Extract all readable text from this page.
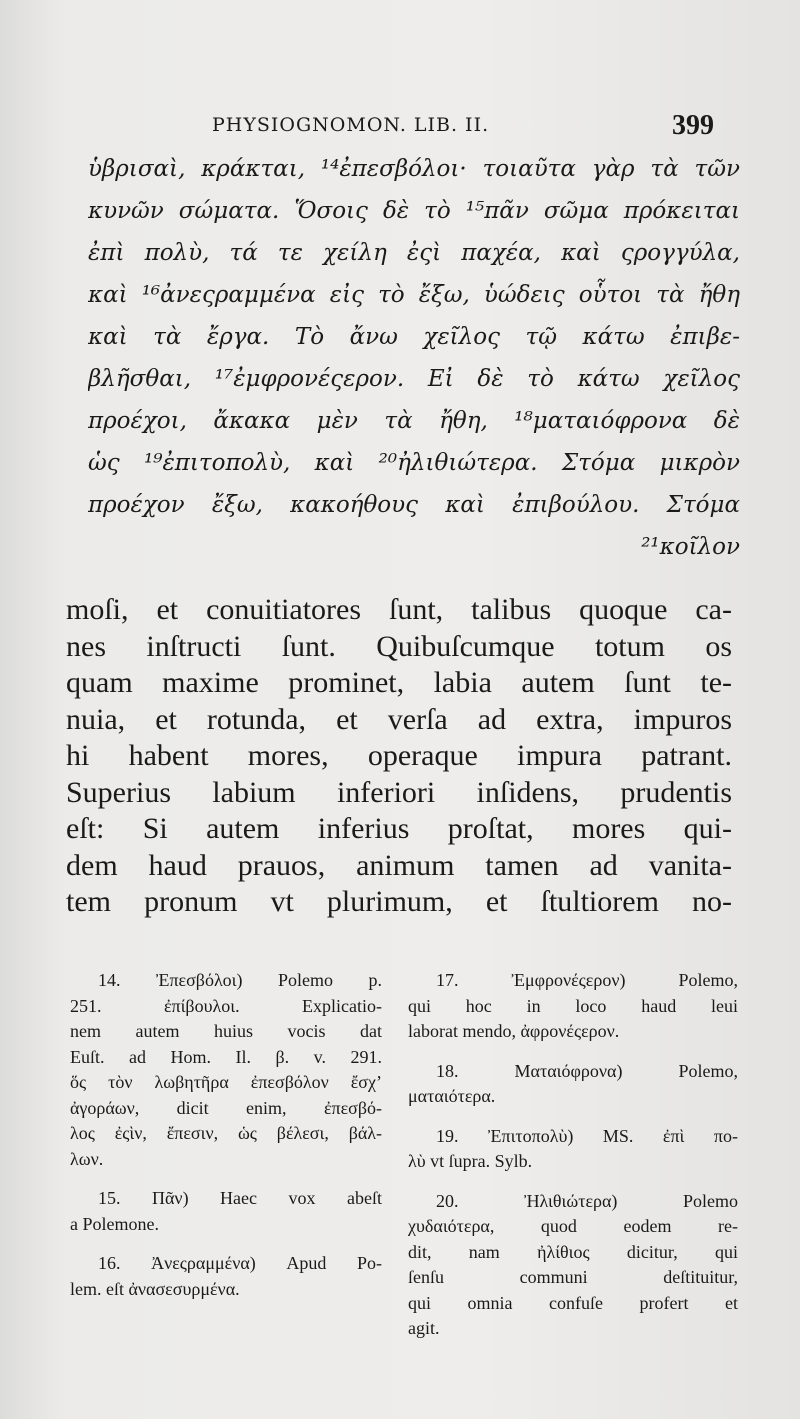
PHYSIOGNOMON. LIB. II.	399
ὑβρισαὶ, κράκται, ¹⁴ἐπεσβόλοι· τοιαῦτα γὰρ τὰ τῶν
κυνῶν σώματα. Ὅσοις δὲ τὸ ¹⁵πᾶν σῶμα πρόκειται
ἐπὶ πολὺ, τά τε χείλη ἐςὶ παχέα, καὶ ςρογγύλα,
καὶ ¹⁶ἀνεςραμμένα εἰς τὸ ἔξω, ὑώδεις οὗτοι τὰ ἤθη
καὶ τὰ ἔργα. Τὸ ἄνω χεῖλος τῷ κάτω ἐπιβε-
βλῆσθαι, ¹⁷ἐμφρονέςερον. Εἰ δὲ τὸ κάτω χεῖλος
προέχοι, ἄκακα μὲν τὰ ἤθη, ¹⁸ματαιόφρονα δὲ
ὡς ¹⁹ἐπιτοπολὺ, καὶ ²⁰ἠλιθιώτερα. Στόμα μικρὸν
προέχον ἔξω, κακοήθους καὶ ἐπιβούλου. Στόμα
²¹κοῖλον
moſi, et conuitiatores ſunt, talibus quoque ca-
nes inſtructi ſunt. Quibuſcumque totum os
quam maxime prominet, labia autem ſunt te-
nuia, et rotunda, et verſa ad extra, impuros
hi habent mores, operaque impura patrant.
Superius labium inferiori inſidens, prudentis
eſt: Si autem inferius proſtat, mores qui-
dem haud prauos, animum tamen ad vanita-
tem pronum vt plurimum, et ſtultiorem no-
14. Ἐπεσβόλοι) Polemo p.
251. ἐπίβουλοι. Explicatio-
nem autem huius vocis dat
Euſt. ad Hom. Il. β. v. 291.
ὅς τὸν λωβητῆρα ἐπεσβόλον ἔσχ’
ἀγοράων, dicit enim, ἐπεσβό-
λος ἐςὶν, ἔπεσιν, ὡς βέλεσι, βάλ-
λων.
15. Πᾶν) Haec vox abeſt
a Polemone.
16. Ἀνεςραμμένα) Apud Po-
lem. eſt ἀνασεσυρμένα.
17. Ἐμφρονέςερον) Polemo,
qui hoc in loco haud leui
laborat mendo, ἀφρονέςερον.
18. Ματαιόφρονα) Polemo,
ματαιότερα.
19. Ἐπιτοπολὺ) MS. ἐπὶ πο-
λὺ vt ſupra. Sylb.
20. Ἠλιθιώτερα) Polemo
χυδαιότερα, quod eodem re-
dit, nam ἠλίθιος dicitur, qui
ſenſu communi deſtituitur,
qui omnia confuſe profert et
agit.
